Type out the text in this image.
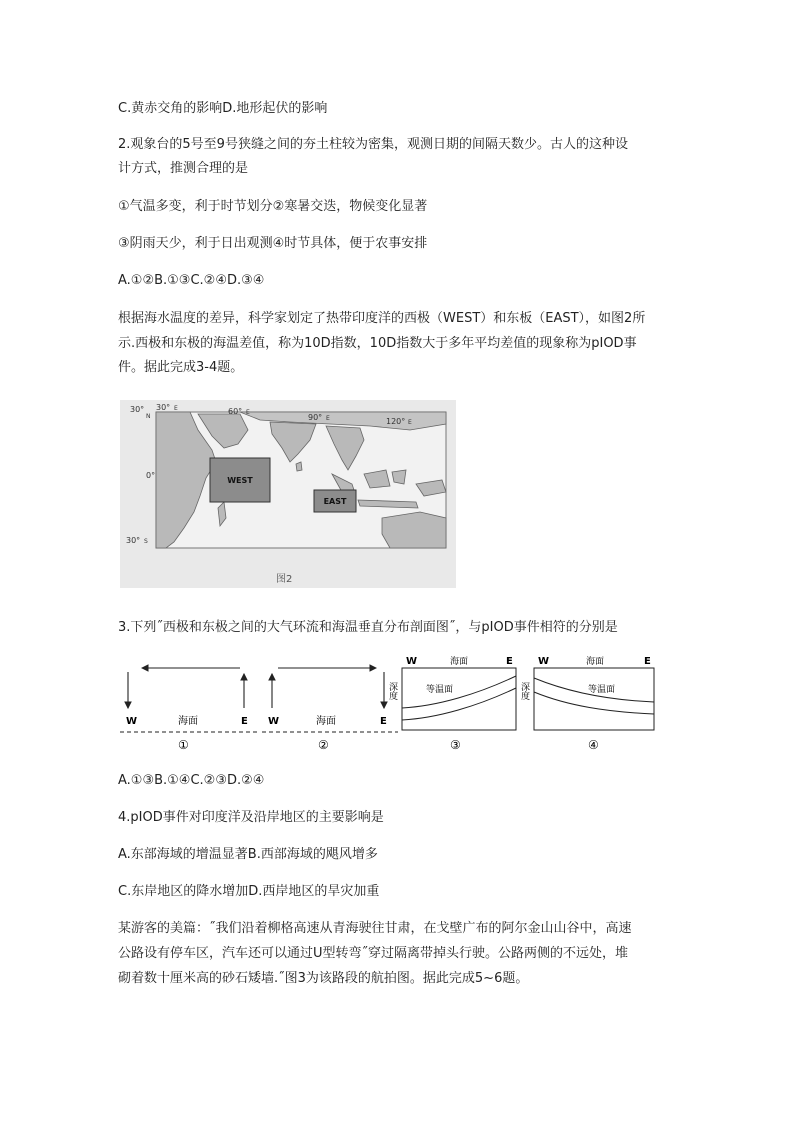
C.黄赤交角的影响D.地形起伏的影响
2.观象台的5号至9号狭缝之间的夯土柱较为密集，观测日期的间隔天数少。古人的这种设
计方式，推测合理的是
①气温多变，利于时节划分②寒暑交迭，物候变化显著
③阴雨天少，利于日出观测④时节具体，便于农事安排
A.①②B.①③C.②④D.③④
根据海水温度的差异，科学家划定了热带印度洋的西极（WEST）和东板（EAST），如图2所
示.西极和东极的海温差值，称为10D指数，10D指数大于多年平均差值的现象称为pIOD事
件。据此完成3-4题。
WEST
EAST
30°
N
0°
30° S
30° E	60° E
90° E	120° E
图2
3.下列˝西极和东极之间的大气环流和海温垂直分布剖面图˝，与pIOD事件相符的分别是
W	海面	E
①
W	海面	E
②
W	海面	E
深度	等温面
③
W	海面	E
深度	等温面
④
A.①③B.①④C.②③D.②④
4.pIOD事件对印度洋及沿岸地区的主要影响是
A.东部海域的增温显著B.西部海域的飓风增多
C.东岸地区的降水增加D.西岸地区的旱灾加重
某游客的美篇：˝我们沿着柳格高速从青海驶往甘肃，在戈壁广布的阿尔金山山谷中，高速
公路设有停车区，汽车还可以通过U型转弯˝穿过隔离带掉头行驶。公路两侧的不远处，堆
砌着数十厘米高的砂石矮墙.˝图3为该路段的航拍图。据此完成5~6题。
